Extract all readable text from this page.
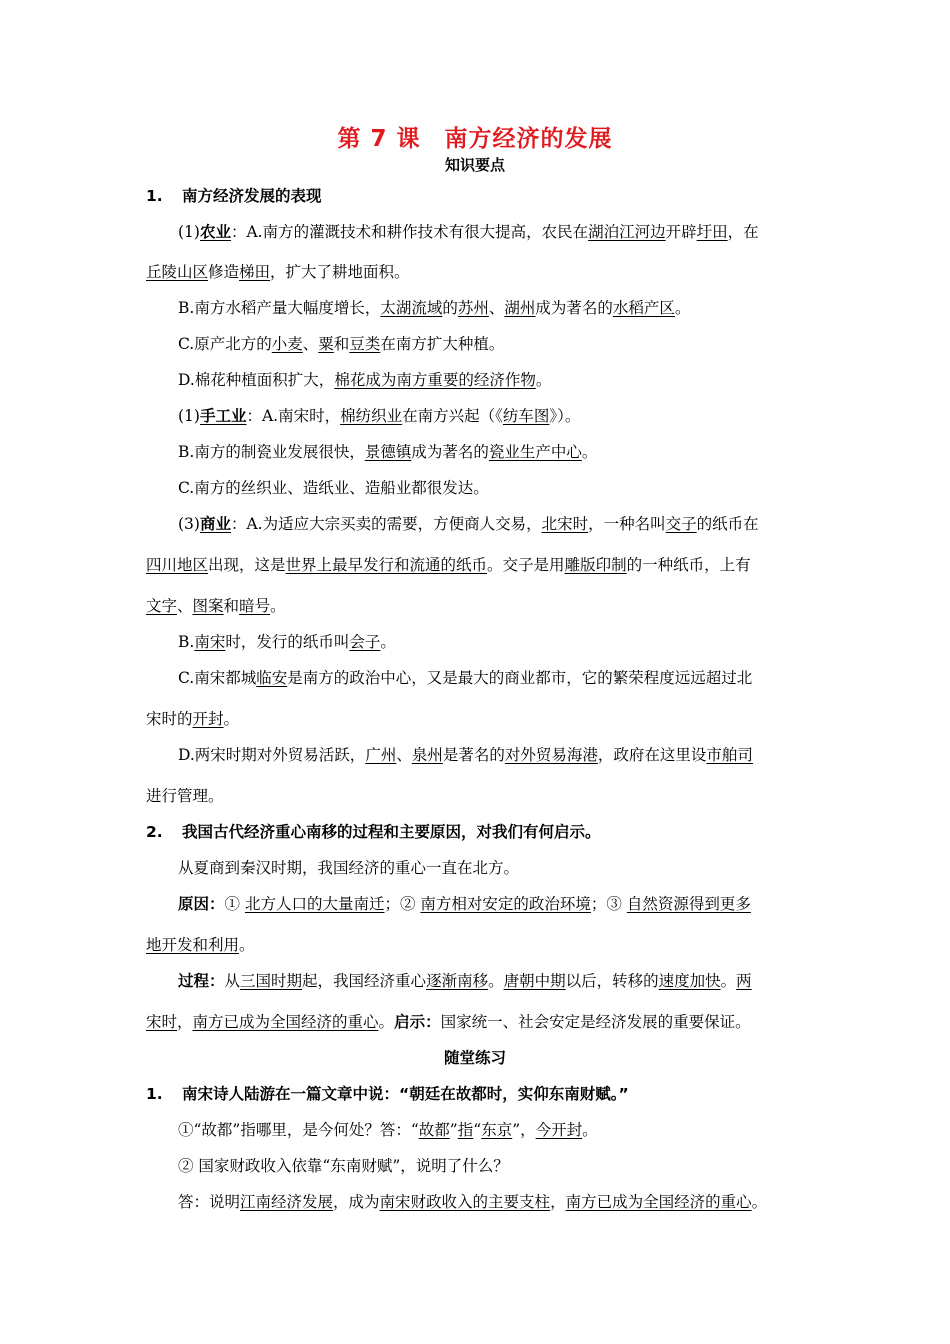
第 7 课　南方经济的发展
知识要点
1. 南方经济发展的表现
(1)农业：A.南方的灌溉技术和耕作技术有很大提高，农民在湖泊江河边开辟圩田，在
丘陵山区修造梯田，扩大了耕地面积。
B.南方水稻产量大幅度增长，太湖流域的苏州、湖州成为著名的水稻产区。
C.原产北方的小麦、粟和豆类在南方扩大种植。
D.棉花种植面积扩大，棉花成为南方重要的经济作物。
(1)手工业：A.南宋时，棉纺织业在南方兴起（《纺车图》）。
B.南方的制瓷业发展很快，景德镇成为著名的瓷业生产中心。
C.南方的丝织业、造纸业、造船业都很发达。
(3)商业：A.为适应大宗买卖的需要，方便商人交易，北宋时，一种名叫交子的纸币在
四川地区出现，这是世界上最早发行和流通的纸币。交子是用雕版印制的一种纸币，上有
文字、图案和暗号。
B.南宋时，发行的纸币叫会子。
C.南宋都城临安是南方的政治中心，又是最大的商业都市，它的繁荣程度远远超过北
宋时的开封。
D.两宋时期对外贸易活跃，广州、泉州是著名的对外贸易海港，政府在这里设市舶司
进行管理。
2. 我国古代经济重心南移的过程和主要原因，对我们有何启示。
从夏商到秦汉时期，我国经济的重心一直在北方。
原因：① 北方人口的大量南迁；② 南方相对安定的政治环境；③ 自然资源得到更多
地开发和利用。
过程：从三国时期起，我国经济重心逐渐南移。唐朝中期以后，转移的速度加快。两
宋时，南方已成为全国经济的重心。启示：国家统一、社会安定是经济发展的重要保证。
随堂练习
1. 南宋诗人陆游在一篇文章中说：“朝廷在故都时，实仰东南财赋。”
①“故都”指哪里，是今何处？答：“故都”指“东京”，今开封。
② 国家财政收入依靠“东南财赋”，说明了什么？
答：说明江南经济发展，成为南宋财政收入的主要支柱，南方已成为全国经济的重心。
